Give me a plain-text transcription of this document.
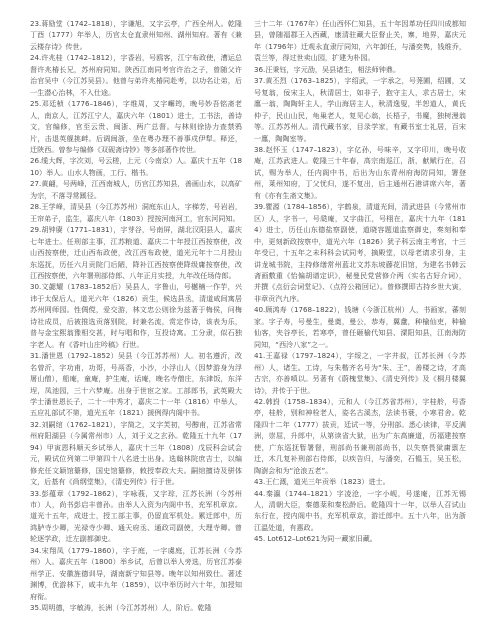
23.蒋励堂（1742–1818），字谦旭，又字云亭，广西全州人。乾隆丁酉（1777）年举人，历官太仓直隶州知州、湖州知府。著有《兼云楼存诗》传世。

24.许兆桂（1742–1812），字香岩，号鸥客，江宁布政使，漕运总督许兆椿长兄，苏州府同知。陕西江南同考官许治之子，曾随父许治官吴中（今江苏吴县）。他曾与弟许兆椿同赴考，以功名让弟，后一生潜心治林，不入仕途。

25.邓廷桢（1776–1846），字维周，又字嶰筠，晚号妙吾铭斋老人，南京人，江苏江宁人，嘉庆六年（1801）进士，工书法，善诗文，官编修，官至云贵、闽浙、两广总督。与林则徐协力查禁鸦片，击退英舰挑衅。后调闽浙，坐在粤办理不善事戍伊犁。释还，迁陕西。曾参与编修《双砚斋诗钞》等多部著作传世。

26.缆大辉，字次刘，号云槎，上元（今南京）人。嘉庆十五年（1810）举人。山水人物画，工行、楷书。

27.黄翩，号两峰，江西南城人，历官江苏知县，善画山水，以高矿为宗，不落寻常蹊径。

28.王学峰，清吴县（今江苏苏州）洞庭东山人，字梯芳，号岩岩，王帘弟子，监生，嘉庆八年（1803）授按河南河工，官东河同知。

29.胡钟赓（1771–1831），字芽谷，号南屏，湖北汉阳县人，嘉庆七年进士。任刑部主事，江苏粮道、嘉庆二十年授江西按察使，改山西按察使，迁山西布政使，改江西布政使，道光元年十二月授山东巡抚，历任六月贡院门后陋，降补江西按察使降级庸按察使，改江西按察使，六年署刑部侍郎、八年正月实授，九年改任场侍郎。

30.文勰耀（1783–1852后）吴县人，字鲁山，号樾楠一作芋，兴讳于太保后人，道光六年（1826）贡生，候选县丞，清道咸间寓居苏州网师园。性倜傥，爱交游，林文忠公则徐为兹著于梅侯，问梅诗社成员，后被推选贡落别院，时兼名流，赏定作诗，该表为乐，普与金宝熙翁豫相交甚，时与唱和作，互投诗寓。工分隶，似石独字老人。有《香叶山庄吟稿》行世。

31.潘世恩（1792–1852）吴县（今江苏苏州）人。初名遵沂，改名曾沂，字功甫，功哥，号鬲香，小沙，小浮山人（因梦游身为浮屠山僧），船庵，童庵，护生庵，话庵，晚名寺僧庄，东津饭，东洋埕，凤池园，三十六梦庵。出身于世宦之家。工部郎书，武英殿大学士潘世恩长子，二十一中秀才，嘉庆二十一年（1816）中举人，五应礼部试不第，道光五年（1821）援例得内阁中书。

32.刘嗣绾（1762–1821），字简之，又字芙初，号醇甫，江苏省常州府阳湖县（今属常州市）人，刘于义之玄孙。乾隆五十九年（1794）甲寅恩科顺天乡试举人，嘉庆十三年（1808）戊辰科会试会元，殿试位列第二甲第四十八名进士出身。选翰林院庶吉士，以编修充任文颖馆纂修，国史馆纂修，敕授奉政大夫。嗣绾擅诗及骈体文，后基有《尚纲堂集》，《清史列传》行于世。

33.彭蕴章（1792–1862），字咏莪，又字琮，江苏长洲（今苏州市）人，尚书彭启丰曾孙。由举人入资为内阁中书，充军机章京。道光十五年，成进士，授工部主事，仍留直军机处。累迁郎中，历鸿胪寺少卿，光禄寺少卿、通天府丞、通政司副使，大理寺卿。曾轮逐学政，迁左副都御史。

34.宋翔凤（1779–1860），字于庭，一字虞庭，江苏长洲（今苏州）人。嘉庆五年（1800）举乡试，后曾以举人旁选，历官江苏泰州学正、安徽旌德训导，湖南新宁知县等。晚年以知州致仕。著述渊博，优游林下，咸丰九年（1859），以中举历时六十年，加授知府衔。

35.周明德，字敏涛，长洲（今江苏苏州）人，阶后。乾隆

三十二年（1767年）任山西怀仁知县，五十年因革功任四川成都知县，曾随福郡王入西藏，康清驻藏大臣督止关，寨，地界，嘉庆元年（1796年）迁观永直隶厅同知，六年卸任，与潘奕隽，钱维乔，袁兰等，得过世卖山园，扩建为朴园。

36.汪秉钰，字元劭，吴县诸生，相法师钟鼎。

37.黄丕烈（1763–1825），字绍武，一字承之，号荛圃，绍圃，又号复翁，佞宋主人，秋清居士，如非子，抱守主人，求古居士，宋廛一翁，陶陶轩主人，学山海居主人，秋清逸叟，半恕道人，黄氏仲子，民山山民，龟巢老人，复见心翁，长梧子，书魔，独树漫翁等。江苏苏州人。清代藏书家，目录学家，有藏书室士礼居，百宋一廛，陶陶室等。

38.赵怀玉（1747–1823），字亿孙，号味辛，又字印川，晚号收庵，江苏武进人。乾隆三十年春，高宗南巡江，浙，献赋行在，召试，赐为举人，任内阁中书，后出为山东青州府海防同知，署登州，莱州知府，丁父忧归，遂不复出，后主通州石港讲席六年，著有《亦有生斋文集》。

39.瞿源（1784–1856），字鹤泉，清道光间，清武进县（今常州市区）人，字书一，号瓞庵，又字曲江，号栩在，嘉庆十九年（1814）进士，历任山东德盐察副使，道晓容题道监察御史，奏刻和奉中，更刻新政按察中，道光六年（1826）犹子科云南主考官，十三年受已，十五年之未科科会试同考，摘殿堂，以母老请求引身，主讲龙城书院，主持修缮常州蓝北文苏东坡藤花旧馆，为建名书韩云斋画敷重《怡偏胡谱定识》，秘曼民党营修介两（实名古好介词），并撰《点衍会词堂记》、（点符公箱回记）。曾修撰即古持乡世大寅，非章贡汽九序。

40.顾鸿寿（1768–1822），钱塘（今浙江杭州）人，书画家，蕃刻家。字子寿，号曼生，曼奠，曼公，恭寿，翼盦，种榆仙吏，种榆仙客，夹谷亭长，若寒亭，曾任砸榆代知县、溧阳知县，江南海防同知，“西泠八家”之一。

41.王嘉禄（1797–1824），字绥之，一字井叔，江苏长洲（今苏州）人，诸生。工诗，与朱楷齐名号为“朱、王”，善楼之诗，才高古宗，亦善嗔以。另著有《蔚槐堂集》、《清史列传》及《桐月楼翼诗》，并传于于世。

42.韩崶（1758–1834），元和人（今江苏省苏州），字桂舲，号香亭，桂舲，别和神栓老人，姿名古溪杰，法读书蓑，小寒君舍。乾隆四十二年（1777）拔贡，廷试一等，分刑部。悉心读律，平反满洲，崇屈，升郎中，从第读省大狱，出为广东高廉道，历福建按察使，广东巡抚暂署督，刑部尚书兼刑部尚书，以失察畏狱庸禀左迁，木几复补刑部右侍郎，以疾告归，与潘奕，石韫玉，吴玉松，陶澍会和为“沧浪五老”。

43.王仁溉，道光三年贡举（1823）进士。

44.秦瀛（1744–1821）字凌沧，一字小岘，号遂庵，江苏无锡人，清朝大臣，秦德棻和秦松龄后。乾隆四十一年，以举人召试山东行在，授内阁中书，充军机章京，游迁郎中。五十八年，出为浙江温处道，有惠政。

45. Lot612–Lot621为同一藏家旧藏。
